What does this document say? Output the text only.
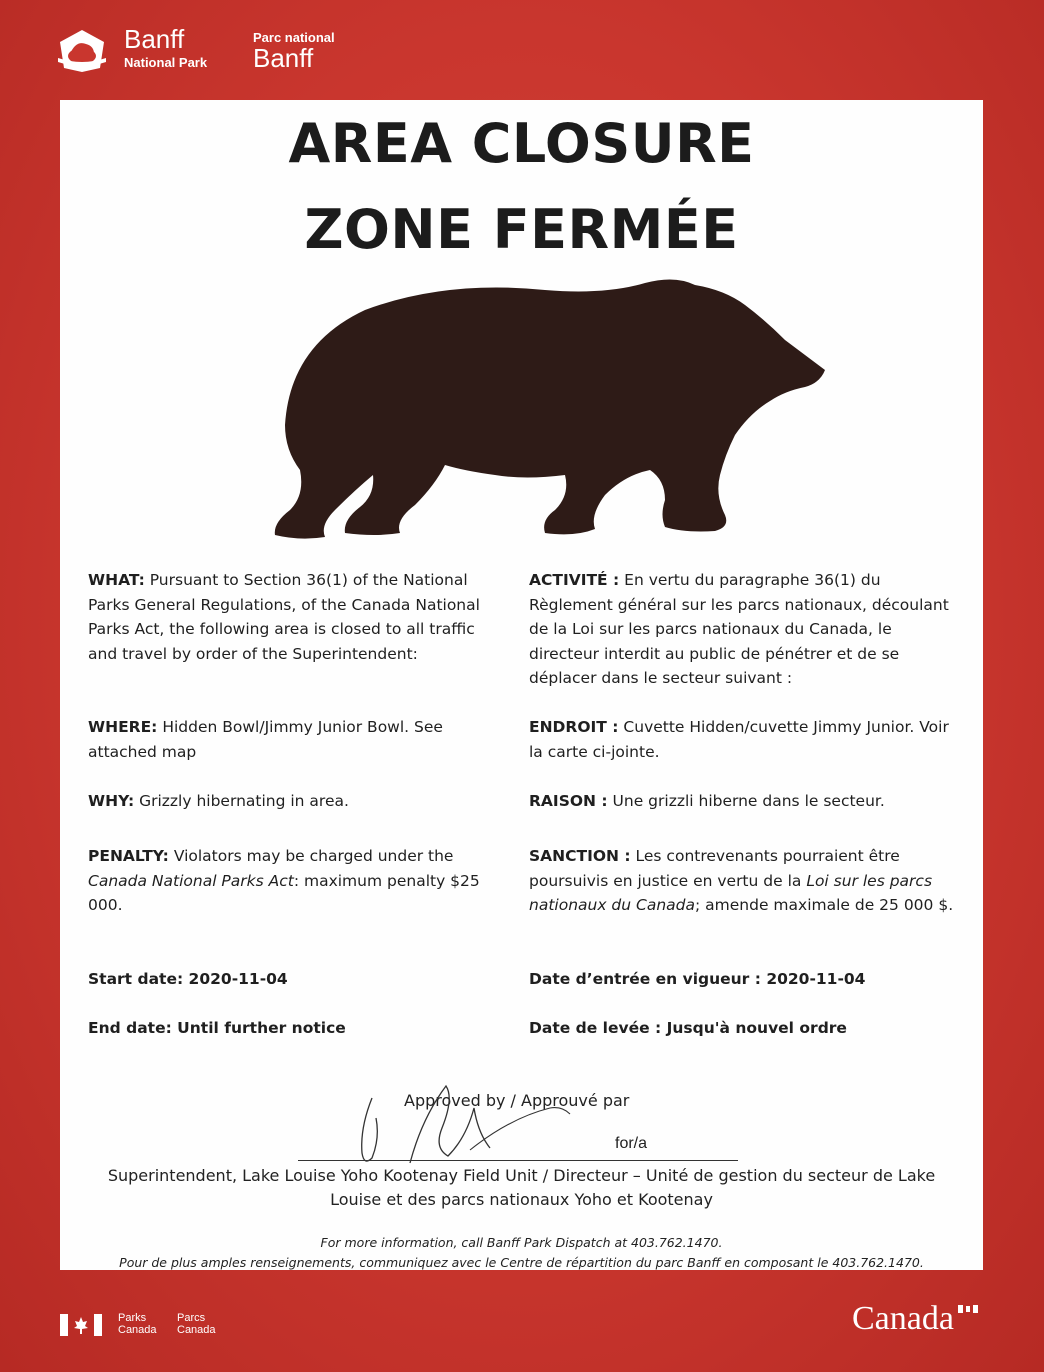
Banff
National Park
Parc national
Banff
AREA CLOSURE
ZONE FERMÉE
WHAT: Pursuant to Section 36(1) of the National Parks General Regulations, of the Canada National Parks Act, the following area is closed to all traffic and travel by order of the Superintendent:
WHERE: Hidden Bowl/Jimmy Junior Bowl. See attached map
WHY: Grizzly hibernating in area.
PENALTY: Violators may be charged under the Canada National Parks Act: maximum penalty $25 000.
Start date: 2020-11-04
End date: Until further notice
ACTIVITÉ : En vertu du paragraphe 36(1) du Règlement général sur les parcs nationaux, découlant de la Loi sur les parcs nationaux du Canada, le directeur interdit au public de pénétrer et de se déplacer dans le secteur suivant :
ENDROIT : Cuvette Hidden/cuvette Jimmy Junior. Voir la carte ci-jointe.
RAISON : Une grizzli hiberne dans le secteur.
SANCTION : Les contrevenants pourraient être poursuivis en justice en vertu de la Loi sur les parcs nationaux du Canada; amende maximale de 25 000 $.
Date d’entrée en vigueur : 2020-11-04
Date de levée : Jusqu'à nouvel ordre
Approved by / Approuvé par
for/a
Superintendent, Lake Louise Yoho Kootenay Field Unit / Directeur – Unité de gestion du secteur de Lake Louise et des parcs nationaux Yoho et Kootenay
For more information, call Banff Park Dispatch at 403.762.1470.
Pour de plus amples renseignements, communiquez avec le Centre de répartition du parc Banff en composant le 403.762.1470.
Parks
Canada
Parcs
Canada	Canada
